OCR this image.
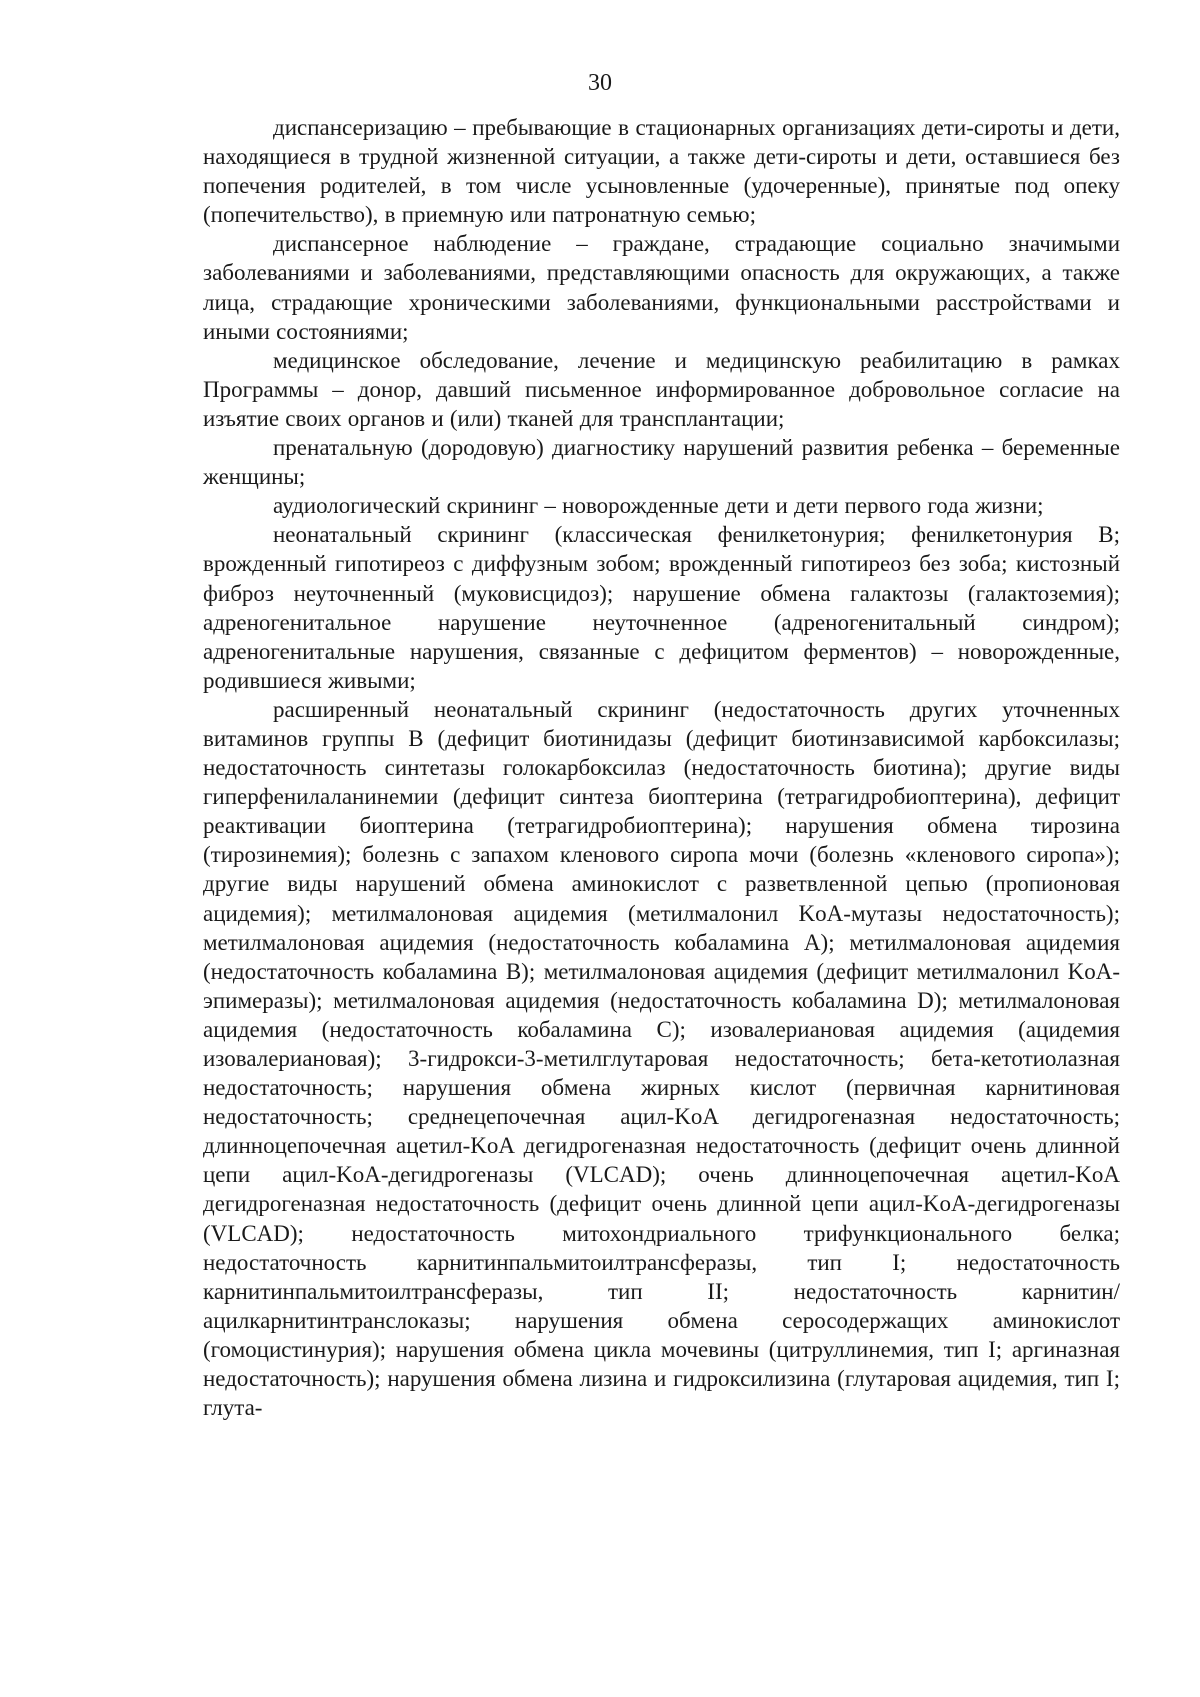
30

диспансеризацию – пребывающие в стационарных организациях дети-сироты и дети, находящиеся в трудной жизненной ситуации, а также дети-сироты и дети, оставшиеся без попечения родителей, в том числе усыновленные (удочеренные), принятые под опеку (попечительство), в приемную или патронатную семью;

диспансерное наблюдение – граждане, страдающие социально значимыми заболеваниями и заболеваниями, представляющими опасность для окружающих, а также лица, страдающие хроническими заболеваниями, функциональными расстройствами и иными состояниями;

медицинское обследование, лечение и медицинскую реабилитацию в рамках Программы – донор, давший письменное информированное добровольное согласие на изъятие своих органов и (или) тканей для трансплантации;

пренатальную (дородовую) диагностику нарушений развития ребенка – беременные женщины;

аудиологический скрининг – новорожденные дети и дети первого года жизни;

неонатальный скрининг (классическая фенилкетонурия; фенилкетонурия B; врожденный гипотиреоз с диффузным зобом; врожденный гипотиреоз без зоба; кистозный фиброз неуточненный (муковисцидоз); нарушение обмена галактозы (галактоземия); адреногенитальное нарушение неуточненное (адреногенитальный синдром); адреногенитальные нарушения, связанные с дефицитом ферментов) – новорожденные, родившиеся живыми;

расширенный неонатальный скрининг (недостаточность других уточненных витаминов группы B (дефицит биотинидазы (дефицит биотинзависимой карбоксилазы; недостаточность синтетазы голокарбоксилаз (недостаточность биотина); другие виды гиперфенилаланинемии (дефицит синтеза биоптерина (тетрагидробиоптерина), дефицит реактивации биоптерина (тетрагидробиоптерина); нарушения обмена тирозина (тирозинемия); болезнь с запахом кленового сиропа мочи (болезнь «кленового сиропа»); другие виды нарушений обмена аминокислот с разветвленной цепью (пропионовая ацидемия); метилмалоновая ацидемия (метилмалонил KoA-мутазы недостаточность); метилмалоновая ацидемия (недостаточность кобаламина A); метилмалоновая ацидемия (недостаточность кобаламина B); метилмалоновая ацидемия (дефицит метилмалонил KoA-эпимеразы); метилмалоновая ацидемия (недостаточность кобаламина D); метилмалоновая ацидемия (недостаточность кобаламина C); изовалериановая ацидемия (ацидемия изовалериановая); 3-гидрокси-3-метилглутаровая недостаточность; бета-кетотиолазная недостаточность; нарушения обмена жирных кислот (первичная карнитиновая недостаточность; среднецепочечная ацил-KoA дегидрогеназная недостаточность; длинноцепочечная ацетил-KoA дегидрогеназная недостаточность (дефицит очень длинной цепи ацил-KoA-дегидрогеназы (VLCAD); очень длинноцепочечная ацетил-KoA дегидрогеназная недостаточность (дефицит очень длинной цепи ацил-KoA-дегидрогеназы (VLCAD); недостаточность митохондриального трифункционального белка; недостаточность карнитинпальмитоилтрансферазы, тип I; недостаточность карнитинпальмитоилтрансферазы, тип II; недостаточность карнитин/ацилкарнитинтранслоказы; нарушения обмена серосодержащих аминокислот (гомоцистинурия); нарушения обмена цикла мочевины (цитруллинемия, тип I; аргиназная недостаточность); нарушения обмена лизина и гидроксилизина (глутаровая ацидемия, тип I; глута-
